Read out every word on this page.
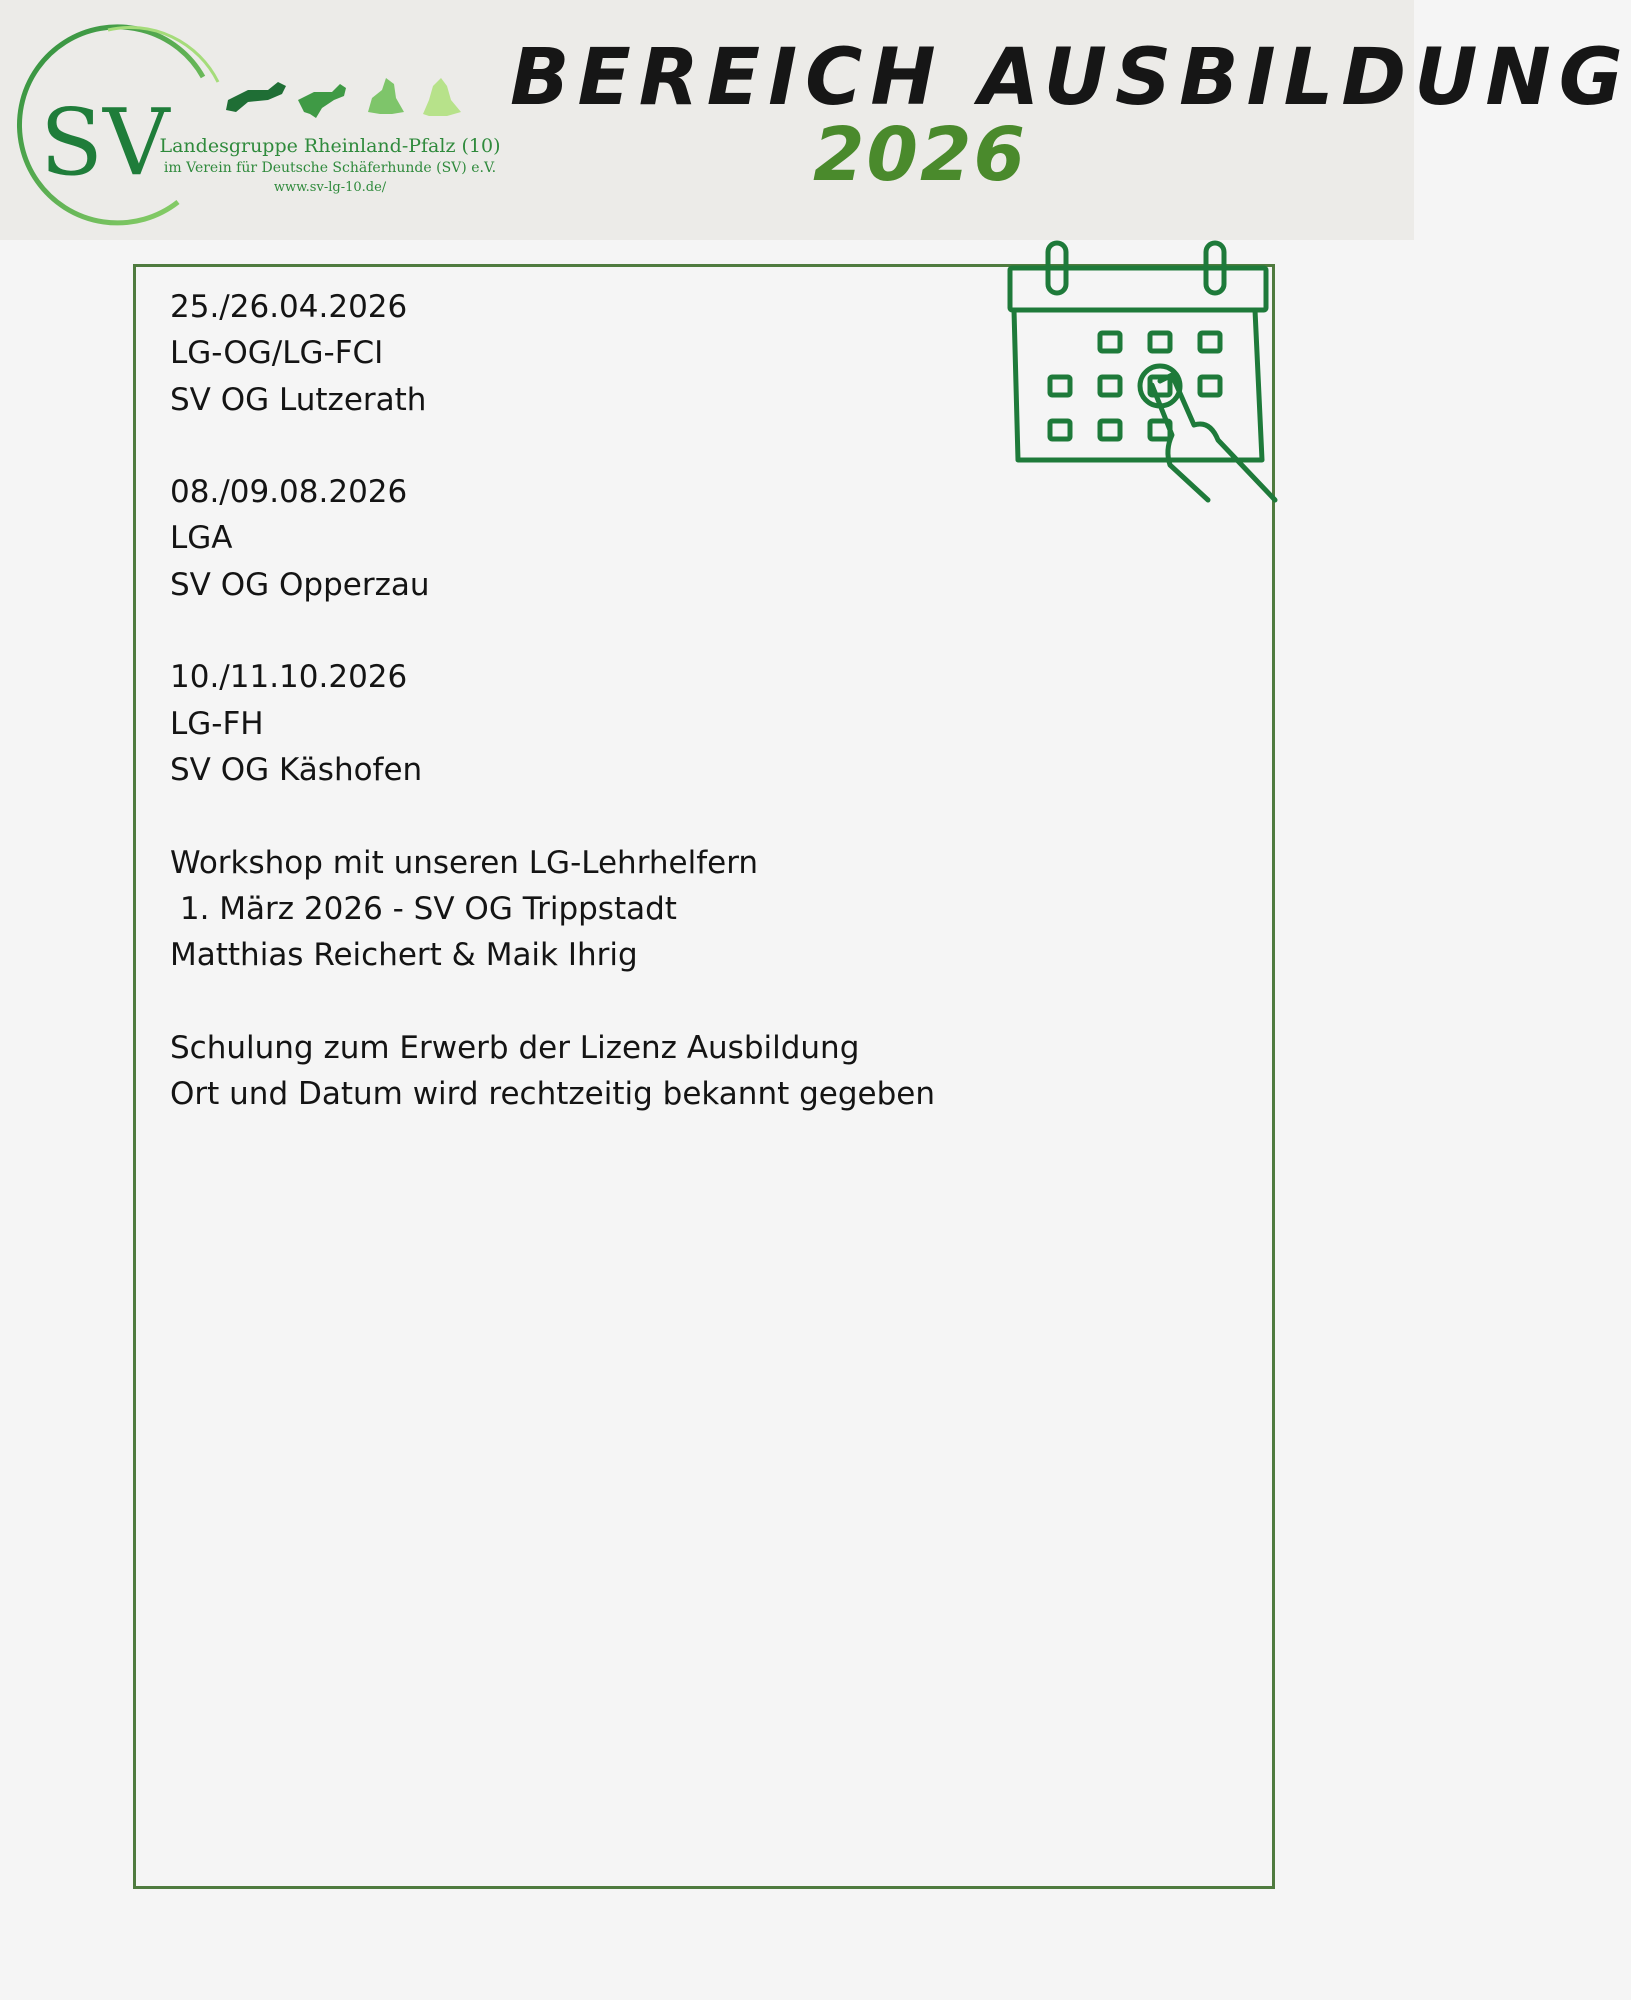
SV
Landesgruppe Rheinland-Pfalz (10)
im Verein für Deutsche Schäferhunde (SV) e.V.
www.sv-lg-10.de/
BEREICH AUSBILDUNG
2026
25./26.04.2026
LG-OG/LG-FCI
SV OG Lutzerath
08./09.08.2026
LGA
SV OG Opperzau
10./11.10.2026
LG-FH
SV OG Käshofen
Workshop mit unseren LG-Lehrhelfern
1. März 2026 - SV OG Trippstadt
Matthias Reichert & Maik Ihrig
Schulung zum Erwerb der Lizenz Ausbildung
Ort und Datum wird rechtzeitig bekannt gegeben
